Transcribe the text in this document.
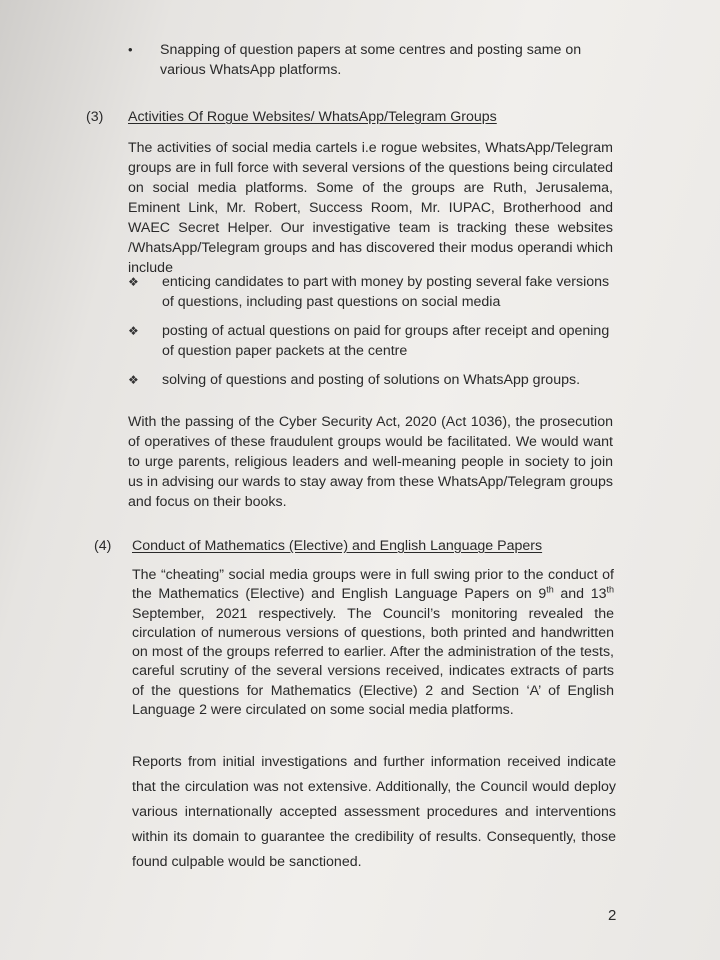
•	Snapping of question papers at some centres and posting same on various WhatsApp platforms.
(3) Activities Of Rogue Websites/ WhatsApp/Telegram Groups

The activities of social media cartels i.e rogue websites, WhatsApp/Telegram groups are in full force with several versions of the questions being circulated on social media platforms. Some of the groups are Ruth, Jerusalema, Eminent Link, Mr. Robert, Success Room, Mr. IUPAC, Brotherhood and WAEC Secret Helper. Our investigative team is tracking these websites /WhatsApp/Telegram groups and has discovered their modus operandi which include

❖ enticing candidates to part with money by posting several fake versions of questions, including past questions on social media
❖ posting of actual questions on paid for groups after receipt and opening of question paper packets at the centre
❖ solving of questions and posting of solutions on WhatsApp groups.

With the passing of the Cyber Security Act, 2020 (Act 1036), the prosecution of operatives of these fraudulent groups would be facilitated. We would want to urge parents, religious leaders and well-meaning people in society to join us in advising our wards to stay away from these WhatsApp/Telegram groups and focus on their books.

(4) Conduct of Mathematics (Elective) and English Language Papers

The “cheating” social media groups were in full swing prior to the conduct of the Mathematics (Elective) and English Language Papers on 9th and 13th September, 2021 respectively. The Council’s monitoring revealed the circulation of numerous versions of questions, both printed and handwritten on most of the groups referred to earlier. After the administration of the tests, careful scrutiny of the several versions received, indicates extracts of parts of the questions for Mathematics (Elective) 2 and Section ‘A’ of English Language 2 were circulated on some social media platforms.

Reports from initial investigations and further information received indicate that the circulation was not extensive. Additionally, the Council would deploy various internationally accepted assessment procedures and interventions within its domain to guarantee the credibility of results. Consequently, those found culpable would be sanctioned.

2
